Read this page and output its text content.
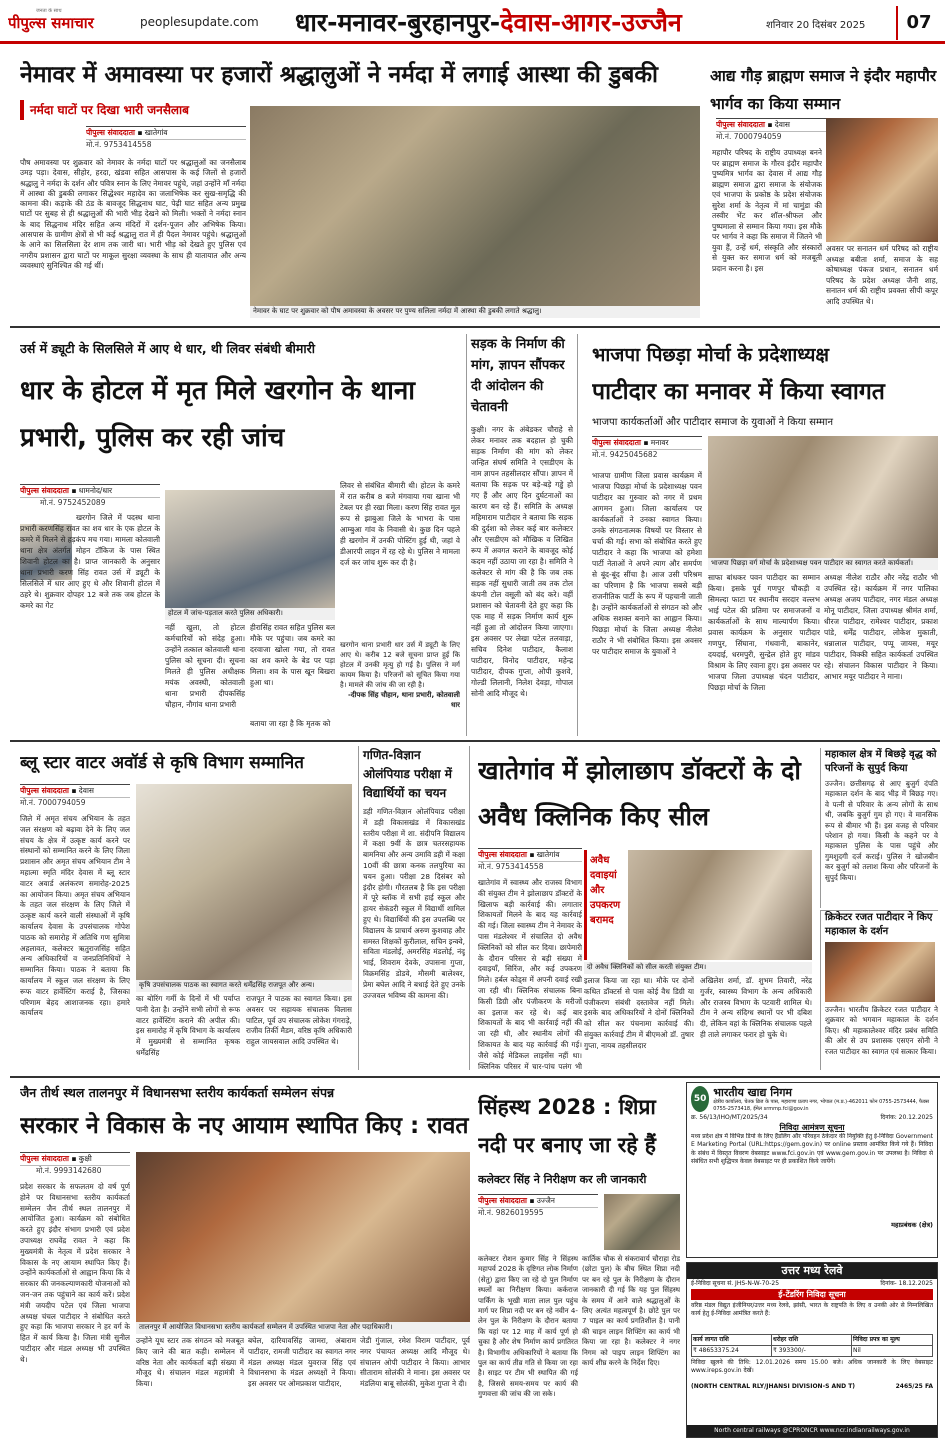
जनता के साथ
पीपुल्स समाचार	peoplesupdate.com	धार-मनावर-बुरहानपुर-देवास-आगर-उज्जैन	शनिवार 20 दिसंबर 2025	07
नेमावर में अमावस्या पर हजारों श्रद्धालुओं ने नर्मदा में लगाई आस्था की डुबकी
नर्मदा घाटों पर दिखा भारी जनसैलाब
पीपुल्स संवाददाता ▪ खातेगांव
मो.नं. 9753414558
पौष अमावस्या पर शुक्रवार को नेमावर के नर्मदा घाटों पर श्रद्धालुओं का जनसैलाब उमड़ पड़ा। देवास, सीहोर, हरदा, खंडवा सहित आसपास के कई जिलों से हजारों श्रद्धालु ने नर्मदा के दर्शन और पवित्र स्नान के लिए नेमावर पहुंचे, जहां उन्होंने माँ नर्मदा में आस्था की डुबकी लगाकर सिद्धेश्वर महादेव का जलाभिषेक कर सुख-समृद्धि की कामना की। कड़ाके की ठंड के बावजूद सिद्धनाथ घाट, पेढ़ी घाट सहित अन्य प्रमुख घाटों पर सुबह से ही श्रद्धालुओं की भारी भीड़ देखने को मिली। भक्तों ने नर्मदा स्नान के बाद सिद्धनाथ मंदिर सहित अन्य मंदिरों में दर्शन-पूजन और अभिषेक किया। आसपास के ग्रामीण क्षेत्रों से भी कई श्रद्धालु रात में ही पैदल नेमावर पहुंचे। श्रद्धालुओं के आने का सिलसिला देर शाम तक जारी था। भारी भीड़ को देखते हुए पुलिस एवं नगरीय प्रशासन द्वारा घाटों पर माकूल सुरक्षा व्यवस्था के साथ ही यातायात और अन्य व्यवस्थाएं सुनिश्चित की गई थीं।
नेमावर के घाट पर शुक्रवार को पौष अमावस्या के अवसर पर पुण्य सलिला नर्मदा में आस्था की डुबकी लगाते श्रद्धालु।
आद्य गौड़ ब्राह्मण समाज ने इंदौर महापौर भार्गव का किया सम्मान
पीपुल्स संवाददाता ▪ देवास
मो.नं. 7000794059
महापौर परिषद के राष्ट्रीय उपाध्यक्ष बनने पर ब्राह्मण समाज के गौरव इंदौर महापौर पुष्यमित्र भार्गव का देवास में आद्य गौड़ ब्राह्मण समाज द्वारा समाज के संयोजक एवं भाजपा के प्रकोष्ठ के प्रदेश संयोजक सुरेश शर्मा के नेतृत्व में मां चामुंडा की तस्वीर भेंट कर शॉल-श्रीफल और पुष्पमाला से सम्मान किया गया। इस मौके पर भार्गव ने कहा कि समाज में जितने भी युवा हैं, उन्हें धर्म, संस्कृति और संस्कारों से युक्त कर समाज धर्म को मजबूती प्रदान करना है। इस
अवसर पर सनातन धर्म परिषद को राष्ट्रीय अध्यक्ष बबीता शर्मा, समाज के सह कोषाध्यक्ष पंकज प्रधान, सनातन धर्म परिषद के प्रदेश अध्यक्ष जैनी शाह, सनातन धर्म की राष्ट्रीय प्रवक्ता सीपी कपूर आदि उपस्थित थे।
उर्स में ड्यूटी के सिलसिले में आए थे धार, थी लिवर संबंधी बीमारी
धार के होटल में मृत मिले खरगोन के थाना प्रभारी, पुलिस कर रही जांच
पीपुल्स संवाददाता ▪ धामनोद/धार
मो.नं. 9752452089
खरगोन जिले में पदस्थ थाना प्रभारी करणसिंह रावत का शव धार के एक होटल के कमरे में मिलने से हड़कंप मच गया। मामला कोतवाली थाना क्षेत्र अंतर्गत मोहन टॉकिज के पास स्थित शिवानी होटल का है। प्राप्त जानकारी के अनुसार थाना प्रभारी करण सिंह रावत उर्स में ड्यूटी के सिलसिले में धार आए हुए थे और शिवानी होटल में ठहरे थे। शुक्रवार दोपहर 12 बजे तक जब होटल के कमरे का गेट
होटल में जांच-पड़ताल करते पुलिस अधिकारी।
नहीं खुला, तो होटल कर्मचारियों को संदेह हुआ। उन्होंने तत्काल कोतवाली थाना पुलिस को सूचना दी। सूचना मिलते ही पुलिस अधीक्षक मयंक अवस्थी, कोतवाली थाना प्रभारी दीपकसिंह चौहान, नौगांव थाना प्रभारी
हीरासिंह रावत सहित पुलिस बल मौके पर पहुंचा। जब कमरे का दरवाजा खोला गया, तो रावत का शव कमरे के बेड पर पड़ा मिला। शव के पास खून बिखरा हुआ था।
बताया जा रहा है कि मृतक को
लिवर से संबंधित बीमारी थी। होटल के कमरे में रात करीब 8 बजे मंगवाया गया खाना भी टेबल पर ही रखा मिला। करण सिंह रावत मूल रूप से झाबुआ जिले के भाभरा के पास आम्बुआ गांव के निवासी थे। कुछ दिन पहले ही खरगोन में उनकी पोस्टिंग हुई थी, जहां वे डीआरपी लाइन में रह रहे थे। पुलिस ने मामला दर्ज कर जांच शुरू कर दी है।
खरगोन थाना प्रभारी धार उर्स में ड्यूटी के लिए आए थे। करीब 12 बजे सूचना प्राप्त हुई कि होटल में उनकी मृत्यु हो गई है। पुलिस ने मर्ग कायम किया है। परिजनों को सूचित किया गया है। मामले की जांच की जा रही है।
-दीपक सिंह चौहान, थाना प्रभारी, कोतवाली धार
सड़क के निर्माण की मांग, ज्ञापन सौंपकर दी आंदोलन की चेतावनी
कुक्षी। नगर के अंबेडकर चौराहे से लेकर मनावर तक बदहाल हो चुकी सड़क निर्माण की मांग को लेकर जन्हित संघर्ष समिति ने एसडीएम के नाम ज्ञापन तहसीलदार सौंपा। ज्ञापन में बताया कि सड़क पर बड़े-बड़े गड्ढे हो गए हैं और आए दिन दुर्घटनाओं का कारण बन रहे हैं। समिति के अध्यक्ष महिमाराम पाटीदार ने बताया कि सड़क की दुर्दशा को लेकर कई बार कलेक्टर और एसडीएम को मौखिक व लिखित रूप में अवगत कराने के बावजूद कोई कदम नहीं उठाया जा रहा है। समिति ने कलेक्टर से मांग की है कि जब तक सड़क नहीं सुधारी जाती तब तक टोल कंपनी टोल वसूली को बंद करे। वहीं प्रशासन को चेतावनी देते हुए कहा कि एक माह में सड़क निर्माण कार्य शुरू नहीं हुआ तो आंदोलन किया जाएगा। इस अवसर पर लेखा पटेल तलवाड़ा, सचिव दिनेश पाटीदार, कैलाश पाटीदार, विनोद पाटीदार, महेन्द्र पाटीदार, दीपक गुप्ता, ओपी कुशवे, गोल्डी लिलानी, निलेश देवड़ा, गोपाल सोनी आदि मौजूद थे।
भाजपा पिछड़ा मोर्चा के प्रदेशाध्यक्ष
पाटीदार का मनावर में किया स्वागत
भाजपा कार्यकर्ताओं और पाटीदार समाज के युवाओं ने किया सम्मान
पीपुल्स संवाददाता ▪ मनावर
मो.नं. 9425045682
भाजपा ग्रामीण जिला प्रवास कार्यक्रम में भाजपा पिछड़ा मोर्चा के प्रदेशाध्यक्ष पवन पाटीदार का गुरुवार को नगर में प्रथम आगमन हुआ। जिला कार्यालय पर कार्यकर्ताओं ने उनका स्वागत किया। उनके संगठनात्मक विषयों पर विस्तार से चर्चा की गई। सभा को संबोधित करते हुए पाटीदार ने कहा कि भाजपा को हमेशा पार्टी नेताओं ने अपने त्याग और समर्पण से बूंद-बूंद सींचा है। आज उसी परिश्रम का परिणाम है कि भाजपा सबसे बड़ी राजनीतिक पार्टी के रूप में पहचानी जाती है। उन्होंने कार्यकर्ताओं से संगठन को और अधिक सशक्त बनाने का आह्वान किया। पिछड़ा मोर्चा के जिला अध्यक्ष नीलेश राठौर ने भी संबोधित किया। इस अवसर पर पाटीदार समाज के युवाओं ने
भाजपा पिछड़ा वर्ग मोर्चा के प्रदेशाध्यक्ष पवन पाटीदार का स्वागत करते कार्यकर्ता।
साफा बांधकर पवन पाटीदार का सम्मान किया। इसके पूर्व गणपुर चौकड़ी व सिमल्दा फाटा पर स्थानीय सरदार वल्लभ भाई पटेल की प्रतिमा पर समाजजनों व कार्यकर्ताओं के साथ माल्यार्पण किया। प्रवास कार्यक्रम के अनुसार पाटीदार गणपुर, सिंघाना, गंधवानी, बाकानेर, दयदाई, धरमपुरी, सुन्द्रेल होते हुए मांडव विश्राम के लिए रवाना हुए। इस अवसर पर भाजपा जिला उपाध्यक्ष चंदन पाटीदार, पिछड़ा मोर्चा के जिला
अध्यक्ष नीलेश राठौर और नरेंद्र राठौर भी उपस्थित रहे। कार्यक्रम में नगर पालिका अध्यक्ष अजय पाटीदार, नगर मंडल अध्यक्ष मोनू पाटीदार, जिला उपाध्यक्ष श्रीमंत शर्मा, धीरज पाटीदार, रामेश्वर पाटीदार, प्रकाश पांडे, धर्मेंद्र पाटीदार, लोकेश मुकाती, धन्नालाल पाटीदार, पप्पू जायस, मयूर पाटीदार, विक्की सहित कार्यकर्ता उपस्थित रहे। संचालन विकास पाटीदार ने किया। आभार मयूर पाटीदार ने माना।
ब्लू स्टार वाटर अवॉर्ड से कृषि विभाग सम्मानित
पीपुल्स संवाददाता ▪ देवास
मो.नं. 7000794059
जिले में अमृत संचय अभियान के तहत जल संरक्षण को बढ़ावा देने के लिए जल संचय के क्षेत्र में उत्कृष्ट कार्य करने पर संस्थानों को सम्मानित करने के लिए जिला प्रशासन और अमृत संचय अभियान टीम ने महात्मा स्मृति मंदिर देवास में ब्लू स्टार वाटर अवार्ड अलंकरण समारोह-2025 का आयोजन किया। अमृत संचय अभियान के तहत जल संरक्षण के लिए जिले में उत्कृष्ट कार्य करने वाली संस्थाओं में कृषि कार्यालय देवास के उपसंचालक गोपेश पाठक को समारोह में अतिथि गण सुमित्रा अहलावत, कलेक्टर ऋतुराजसिंह सहित अन्य अधिकारियों व जनप्रतिनिधियों ने सम्मानित किया। पाठक ने बताया कि कार्यालय में स्कूल जल संरक्षण के लिए रूफ वाटर हार्वेस्टिंग कराई है, जिसका परिणाम बेहद आशाजनक रहा। हमारे कार्यालय
कृषि उपसंचालक पाठक का स्वागत करते धर्मेंद्रसिंह राजपूत और अन्य।
का बोरिंग गर्मी के दिनों में भी पर्याप्त पानी देता है। उन्होंने सभी लोगों से रूफ वाटर हार्वेस्टिंग कराने की अपील की। इस समारोह में कृषि विभाग के कार्यालय में मुख्यमंत्री से सम्मानित कृषक धर्मेंद्रसिंह
राजपूत ने पाठक का स्वागत किया। इस अवसर पर सहायक संचालक विलास पाटिल, पूर्व उप संचालक लोकेश गंगराड़े, राजीव तिर्की मैडम, वरिष्ठ कृषि अधिकारी राहुल जायसवाल आदि उपस्थित थे।
गणित-विज्ञान ओलंपियाड परीक्षा में विद्यार्थियों का चयन
डही गणित-विज्ञान ओलंपियाड परीक्षा में डही विकासखंड में विकासखंड स्तरीय परीक्षा में शा. संदीपनि विद्यालय में कक्षा 9वीं के छात्र चतरसहायक बामनिया और अन्य उमावि डही में कक्षा 10वीं की छात्रा कनक तलपुरिया का चयन हुआ। परीक्षा 28 दिसंबर को इंदौर होगी। गौरतलब है कि इस परीक्षा में पूरे ब्लॉक में सभी हाई स्कूल और हायर सेकंडरी स्कूल में विद्यार्थी शामिल हुए थे। विद्यार्थियों की इस उपलब्धि पर विद्यालय के प्राचार्य अरुण कुशवाह और समस्त शिक्षकों कुरीलाल, सचिन इन्क्वे, सविता मंडलोई, अमरसिंह मंडलोई, नंदू भाई, शिवराम देवके, उपासना गुप्ता, विक्रमसिंह डोडवे, मौसमी बालेश्वर, प्रेमा बघेल आदि ने बधाई देते हुए उनके उज्जवल भविष्य की कामना की।
खातेगांव में झोलाछाप डॉक्टरों के दो अवैध क्लिनिक किए सील
पीपुल्स संवाददाता ▪ खातेगांव
मो.नं. 9753414558
खातेगांव में स्वास्थ्य और राजस्व विभाग की संयुक्त टीम ने झोलाछाप डॉक्टरों के खिलाफ बड़ी कार्रवाई की। लगातार शिकायतों मिलने के बाद यह कार्रवाई की गई। जिला स्वास्थ्य टीम ने नेमावर के पास मंडलेश्वर में संचालित दो अवैध क्लिनिकों को सील कर दिया। छापेमारी के दौरान परिसर से बड़ी संख्या में दवाइयाँ, सिरिंज, और कई उपकरण मिले। हर्बल कोड्स में अपनी दवाई रखी जा रही थी। क्लिनिक संचालक बिना किसी डिग्री और पंजीकरण के मरीजों का इलाज कर रहे थे। कई बार शिकायतों के बाद भी कार्रवाई नहीं की जा रही थी, और स्थानीय लोगों की शिकायत के बाद यह कार्रवाई की गई। जैसे कोई मेडिकल लाइसेंस नहीं था। क्लिनिक परिसर में चार-पांच पलंग भी
अवैध दवाइयां और उपकरण बरामद
दो अवैध क्लिनिकों को सील करती संयुक्त टीम।
इलाज किया जा रहा था। मौके पर दोनों कथित डॉक्टर्स से पास कोई वैध डिग्री या पंजीकरण संबंधी दस्तावेज नहीं मिले। इसके बाद अधिकारियों ने दोनों क्लिनिकों को सील कर पंचनामा कार्रवाई की। संयुक्त कार्रवाई टीम में बीएमओ डॉ. तुषार गुप्ता, नायब तहसीलदार
अखिलेश शर्मा, डॉ. शुभम तिवारी, नरेंद्र गुर्जर, स्वास्थ्य विभाग के अन्य अधिकारी और राजस्व विभाग के पटवारी शामिल थे। टीम ने अन्य संदिग्ध स्थानों पर भी दबिश दी, लेकिन वहां के क्लिनिक संचालक पहले ही ताले लगाकर फरार हो चुके थे।
महाकाल क्षेत्र में बिछड़े वृद्ध को परिजनों के सुपुर्द किया
उज्जैन। छत्तीसगढ़ से आए बुजुर्ग दंपति महाकाल दर्शन के बाद भीड़ में बिछड़ गए। वे पत्नी से परिवार के अन्य लोगों के साथ थी, जबकि बुजुर्ग गुम हो गए। वे मानसिक रूप से बीमार भी हैं। इस वजह से परिवार परेशान हो गया। किसी के कहने पर वे महाकाल पुलिस के पास पहुंचे और गुमशुदगी दर्ज कराई। पुलिस ने खोजबीन कर बुजुर्ग को तलाश किया और परिजनों के सुपुर्द किया।
क्रिकेटर रजत पाटीदार ने किए महाकाल के दर्शन
उज्जैन। भारतीय क्रिकेटर रजत पाटीदार ने शुक्रवार को भगवान महाकाल के दर्शन किए। श्री महाकालेश्वर मंदिर प्रबंध समिति की ओर से उप प्रशासक एसएन सोनी ने रजत पाटीदार का स्वागत एवं सत्कार किया।
जैन तीर्थ स्थल तालनपुर में विधानसभा स्तरीय कार्यकर्ता सम्मेलन संपन्न
सरकार ने विकास के नए आयाम स्थापित किए : रावत
पीपुल्स संवाददाता ▪ कुक्षी
मो.नं. 9993142680
प्रदेश सरकार के सफलतम दो वर्ष पूर्ण होने पर विधानसभा स्तरीय कार्यकर्ता सम्मेलन जैन तीर्थ स्थल तालनपुर में आयोजित हुआ। कार्यक्रम को संबोधित करते हुए इंदौर संभाग प्रभारी एवं प्रदेश उपाध्यक्ष राघवेंद्र रावत ने कहा कि मुख्यमंत्री के नेतृत्व में प्रदेश सरकार ने विकास के नए आयाम स्थापित किए हैं। उन्होंने कार्यकर्ताओं से आह्वान किया कि वे सरकार की जनकल्याणकारी योजनाओं को जन-जन तक पहुंचाने का कार्य करें। प्रदेश मंत्री जयदीप पटेल एवं जिला भाजपा अध्यक्ष चंचल पाटीदार ने संबोधित करते हुए कहा कि भाजपा सरकार ने हर वर्ग के हित में कार्य किया है। जिला मंत्री सुनील पाटीदार और मंडल अध्यक्ष भी उपस्थित थे।
तालनपुर में आयोजित विधानसभा स्तरीय कार्यकर्ता सम्मेलन में उपस्थित भाजपा नेता और पदाधिकारी।
उन्होंने यूथ स्टार तक संगठन को मजबूत किए जाने की बात कही। सम्मेलन में वरिष्ठ नेता और कार्यकर्ता बड़ी संख्या में मौजूद थे। संचालन मंडल महामंत्री ने किया।
बघेल, दारियावसिंह जामरा, अंबाराम पाटीदार, रामजी पाटीदार का स्वागत नगर मंडल अध्यक्ष मंडल युवराज सिंह एवं विधानसभा के मंडल अध्यक्षों ने किया। इस अवसर पर ओमप्रकाश पाटीदार,
जेडी गुंजाल, रमेश विराम पाटीदार, पूर्व नगर पंचायत अध्यक्ष आदि मौजूद थे। संचालन ओपी पाटीदार ने किया। आभार सीताराम सोलंकी ने माना। इस अवसर पर मंडलिया बाबू सोलंकी, मुकेश गुप्ता ने दी।
सिंहस्थ 2028 : शिप्रा नदी पर बनाए जा रहे हैं
कलेक्टर सिंह ने निरीक्षण कर ली जानकारी
पीपुल्स संवाददाता ▪ उज्जैन
मो.नं. 9826019595
कलेक्टर रोशन कुमार सिंह ने सिंहस्थ महापर्व 2028 के दृष्टिगत लोक निर्माण (सेतु) द्वारा किए जा रहे दो पुल निर्माण स्थलों का निरीक्षण किया। कर्कराज पार्किंग के भूखी माता लाल पुल पहुंच मार्ग पर शिप्रा नदी पर बन रहे नवीन 4-लेन पुल के निरीक्षण के दौरान बताया कि यहां पर 12 माह में कार्य पूर्ण हो चुका है और शेष निर्माण कार्य प्रगतिरत है। विभागीय अधिकारियों ने बताया कि पुल का कार्य तीव्र गति से किया जा रहा है। साइट पर टीम भी स्थापित की गई है, जिससे समय-समय पर कार्य की गुणवत्ता की जांच की जा सके।
कार्तिक चौक से संकरावार्य चौराहा रोड (छोटा पुल) के बीच स्थित शिप्रा नदी पर बन रहे पुल के निरीक्षण के दौरान जानकारी दी गई कि यह पुल सिंहस्थ के समय में आने वाले श्रद्धालुओं के लिए अत्यंत महत्वपूर्ण है। छोटे पुल पर 7 पाइल का कार्य प्रगतिशील है। पानी की चाइन लाइन शिफ्टिंग का कार्य भी किया जा रहा है। कलेक्टर ने नगर निगम को पाइप लाइन शिफ्टिंग का कार्य शीघ्र करने के निर्देश दिए।
50 भारतीय खाद्य निगम
क्षेत्रीय कार्यालय, चेतक ब्रिज के पास, महाराणा प्रताप नगर, भोपाल (म.प्र.)-462011 फोन 0755-2573444, फैक्स 0755-2573418, ईमेल srmmp.fci@gov.in
क्र. 56/13/IHO/MT/2025/34	दिनांक: 20.12.2025
निविदा आमंत्रण सूचना
मध्य प्रदेश क्षेत्र में विभिन्न डिपो के लिए हैंडलिंग और परिवहन ठेकेदार की नियुक्ति हेतु ई-निविदा Government E Marketing Portal (URL:https://gem.gov.in) पर online प्रस्ताव आमंत्रित किये गये हैं। निविदा के संबंध में विस्तृत विवरण वेबसाइट www.fci.gov.in एवं www.gem.gov.in पर उपलब्ध है। निविदा से संबंधित सभी शुद्धिपत्र केवल वेबसाइट पर ही प्रकाशित किये जायेंगे।
महाप्रबंधक (क्षेत्र)
उत्तर मध्य रेलवे
ई-निविदा सूचना सं. JHS-N-W-70-25	दिनांक- 18.12.2025
ई-टेंडरिंग निविदा सूचना
वरिष्ठ मंडल विद्युत इंजीनियर/उत्तर मध्य रेलवे, झांसी, भारत के राष्ट्रपति के लिए व उनकी ओर से निम्नलिखित कार्य हेतु ई-निविदा आमंत्रित करते हैं:
कार्य लागत राशि	धरोहर राशि	निविदा प्रपत्र का मूल्य
₹ 48653375.24	₹ 393300/-	Nil
निविदा खुलने की तिथि: 12.01.2026 समय 15.00 बजे। अधिक जानकारी के लिए वेबसाइट www.ireps.gov.in देखें।
(NORTH CENTRAL RLY/JHANSI DIVISION-S AND T)	2465/25 FA
North central railways @CPRONCR www.ncr.indianrailways.gov.in
